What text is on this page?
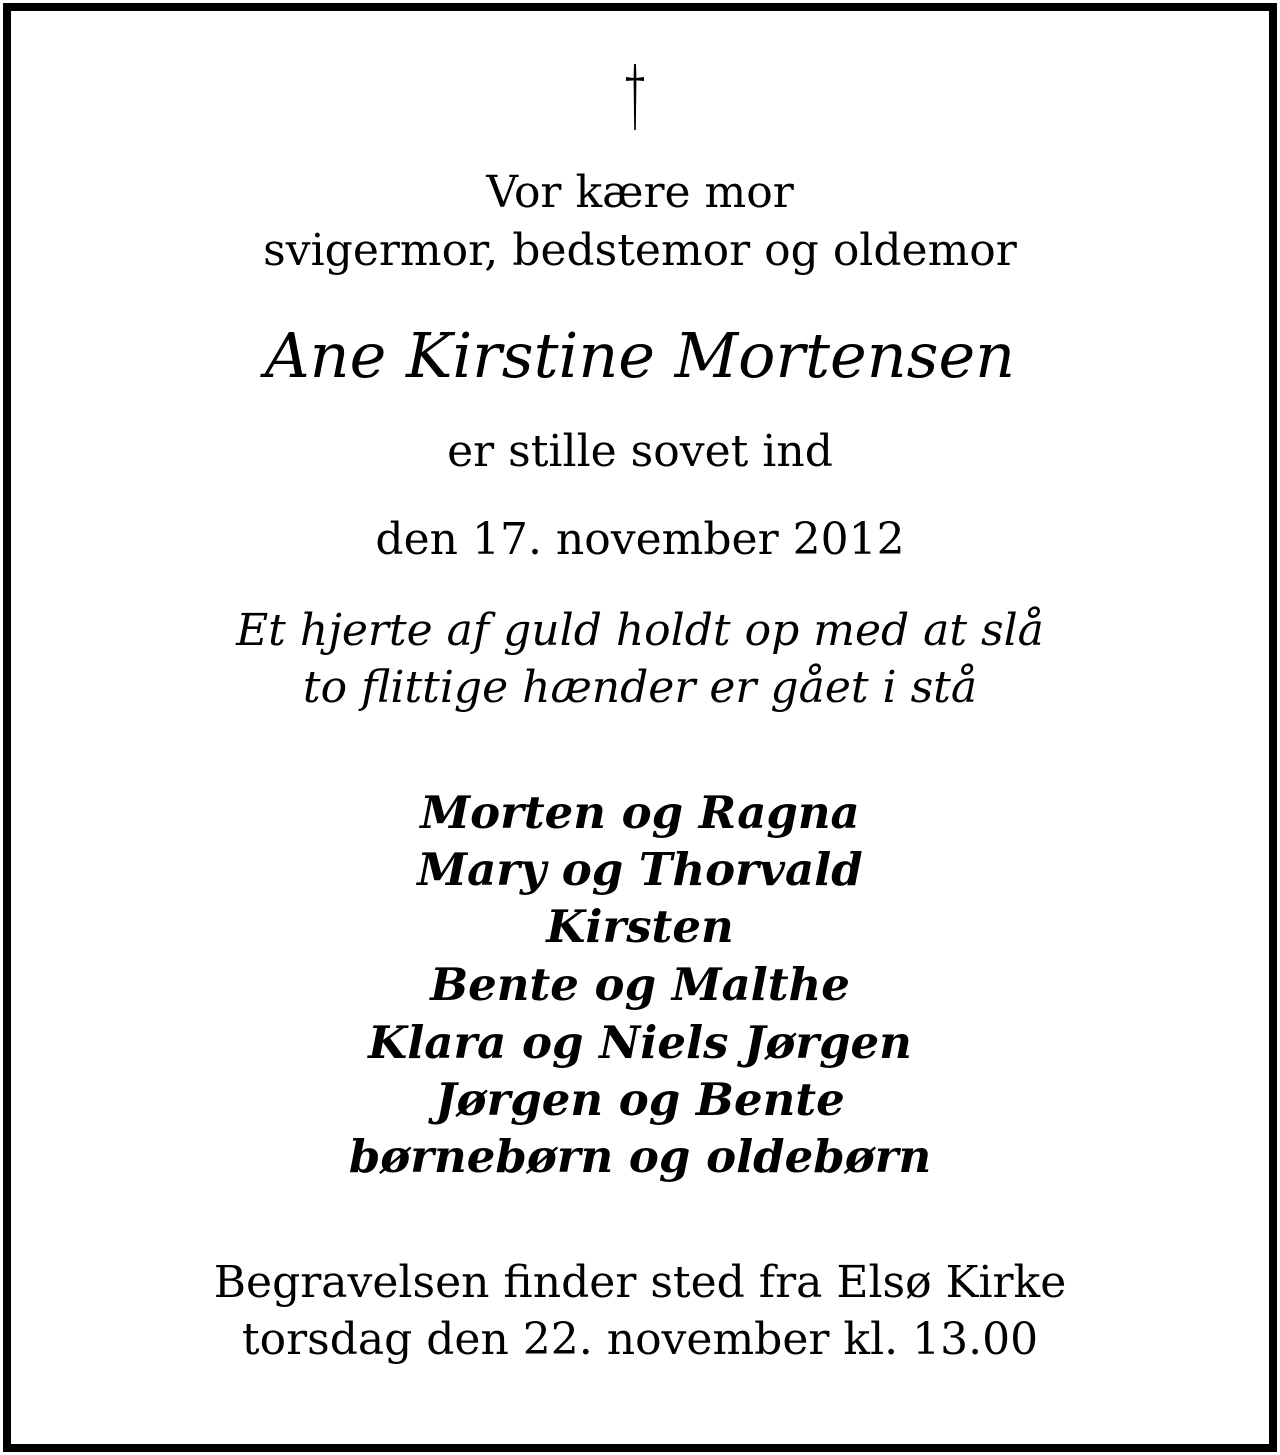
Vor kære mor
svigermor, bedstemor og oldemor
Ane Kirstine Mortensen
er stille sovet ind
den 17. november 2012
Et hjerte af guld holdt op med at slå
to flittige hænder er gået i stå
Morten og Ragna
Mary og Thorvald
Kirsten
Bente og Malthe
Klara og Niels Jørgen
Jørgen og Bente
børnebørn og oldebørn
Begravelsen finder sted fra Elsø Kirke
torsdag den 22. november kl. 13.00
